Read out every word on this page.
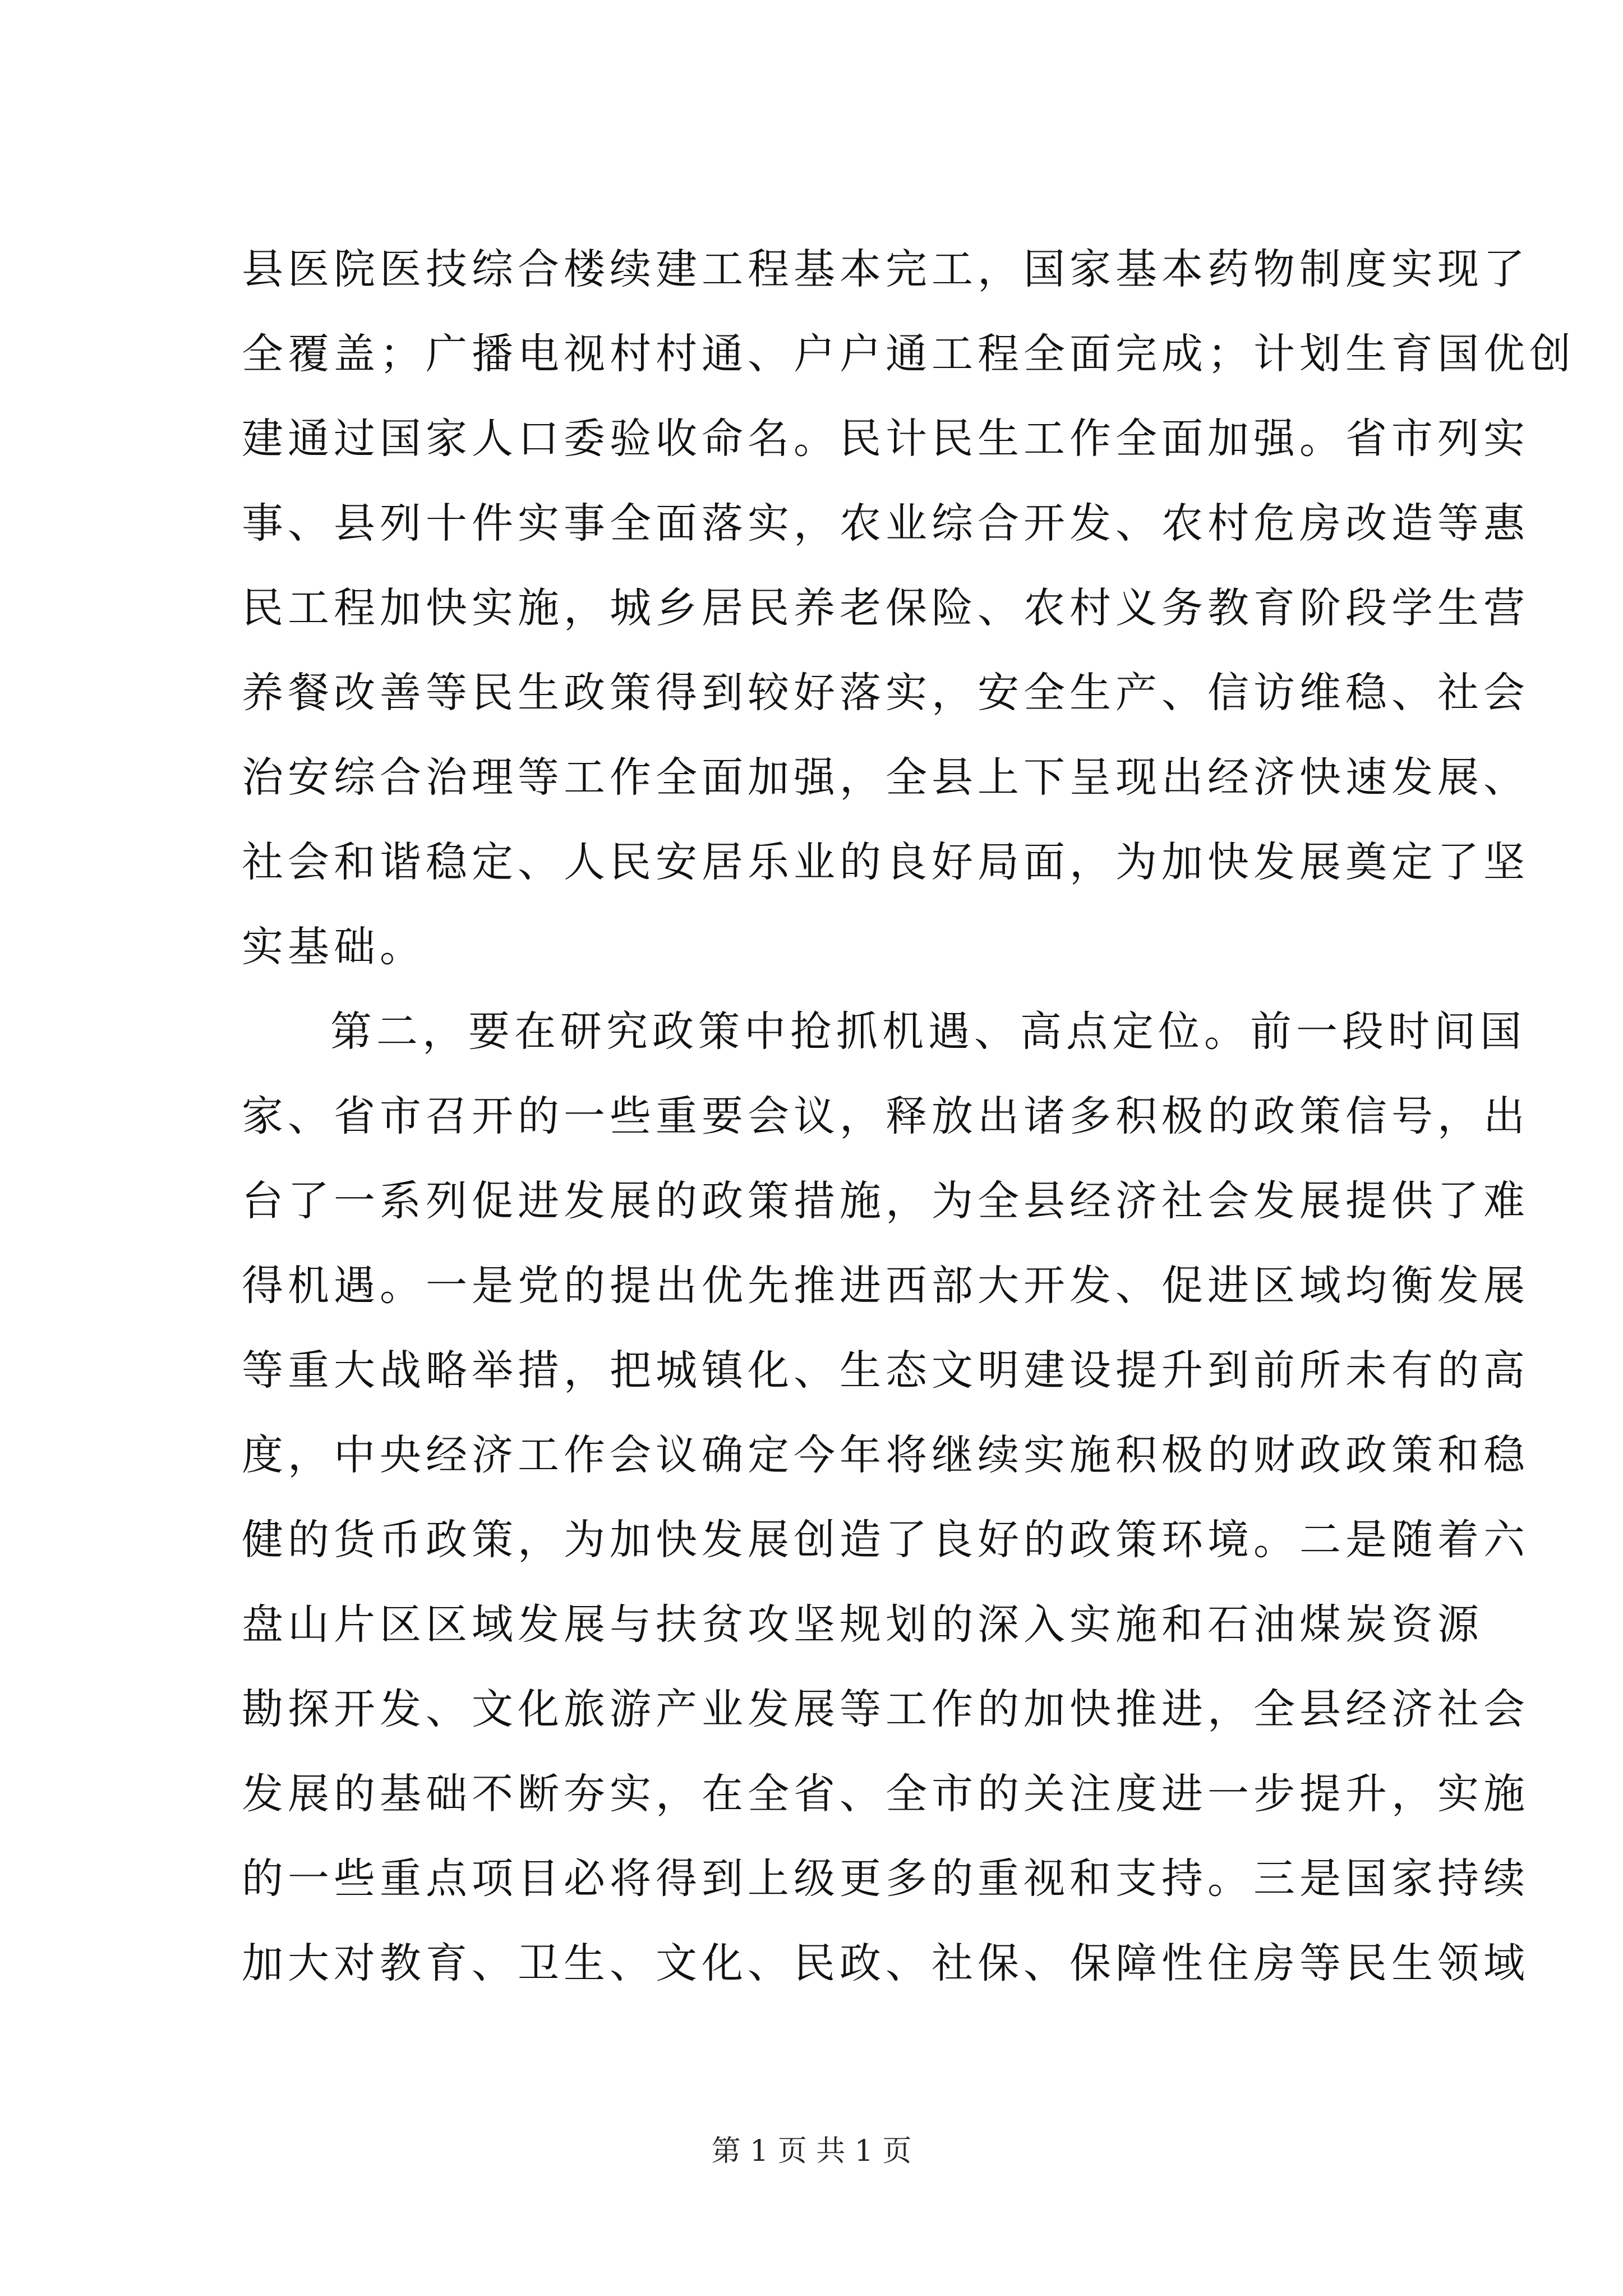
县医院医技综合楼续建工程基本完工，国家基本药物制度实现了
全覆盖；广播电视村村通、户户通工程全面完成；计划生育国优创
建通过国家人口委验收命名。民计民生工作全面加强。省市列实
事、县列十件实事全面落实，农业综合开发、农村危房改造等惠
民工程加快实施，城乡居民养老保险、农村义务教育阶段学生营
养餐改善等民生政策得到较好落实，安全生产、信访维稳、社会
治安综合治理等工作全面加强，全县上下呈现出经济快速发展、
社会和谐稳定、人民安居乐业的良好局面，为加快发展奠定了坚
实基础。
第二，要在研究政策中抢抓机遇、高点定位。前一段时间国
家、省市召开的一些重要会议，释放出诸多积极的政策信号，出
台了一系列促进发展的政策措施，为全县经济社会发展提供了难
得机遇。一是党的提出优先推进西部大开发、促进区域均衡发展
等重大战略举措，把城镇化、生态文明建设提升到前所未有的高
度，中央经济工作会议确定今年将继续实施积极的财政政策和稳
健的货币政策，为加快发展创造了良好的政策环境。二是随着六
盘山片区区域发展与扶贫攻坚规划的深入实施和石油煤炭资源
勘探开发、文化旅游产业发展等工作的加快推进，全县经济社会
发展的基础不断夯实，在全省、全市的关注度进一步提升，实施
的一些重点项目必将得到上级更多的重视和支持。三是国家持续
加大对教育、卫生、文化、民政、社保、保障性住房等民生领域
第 1 页 共 1 页
